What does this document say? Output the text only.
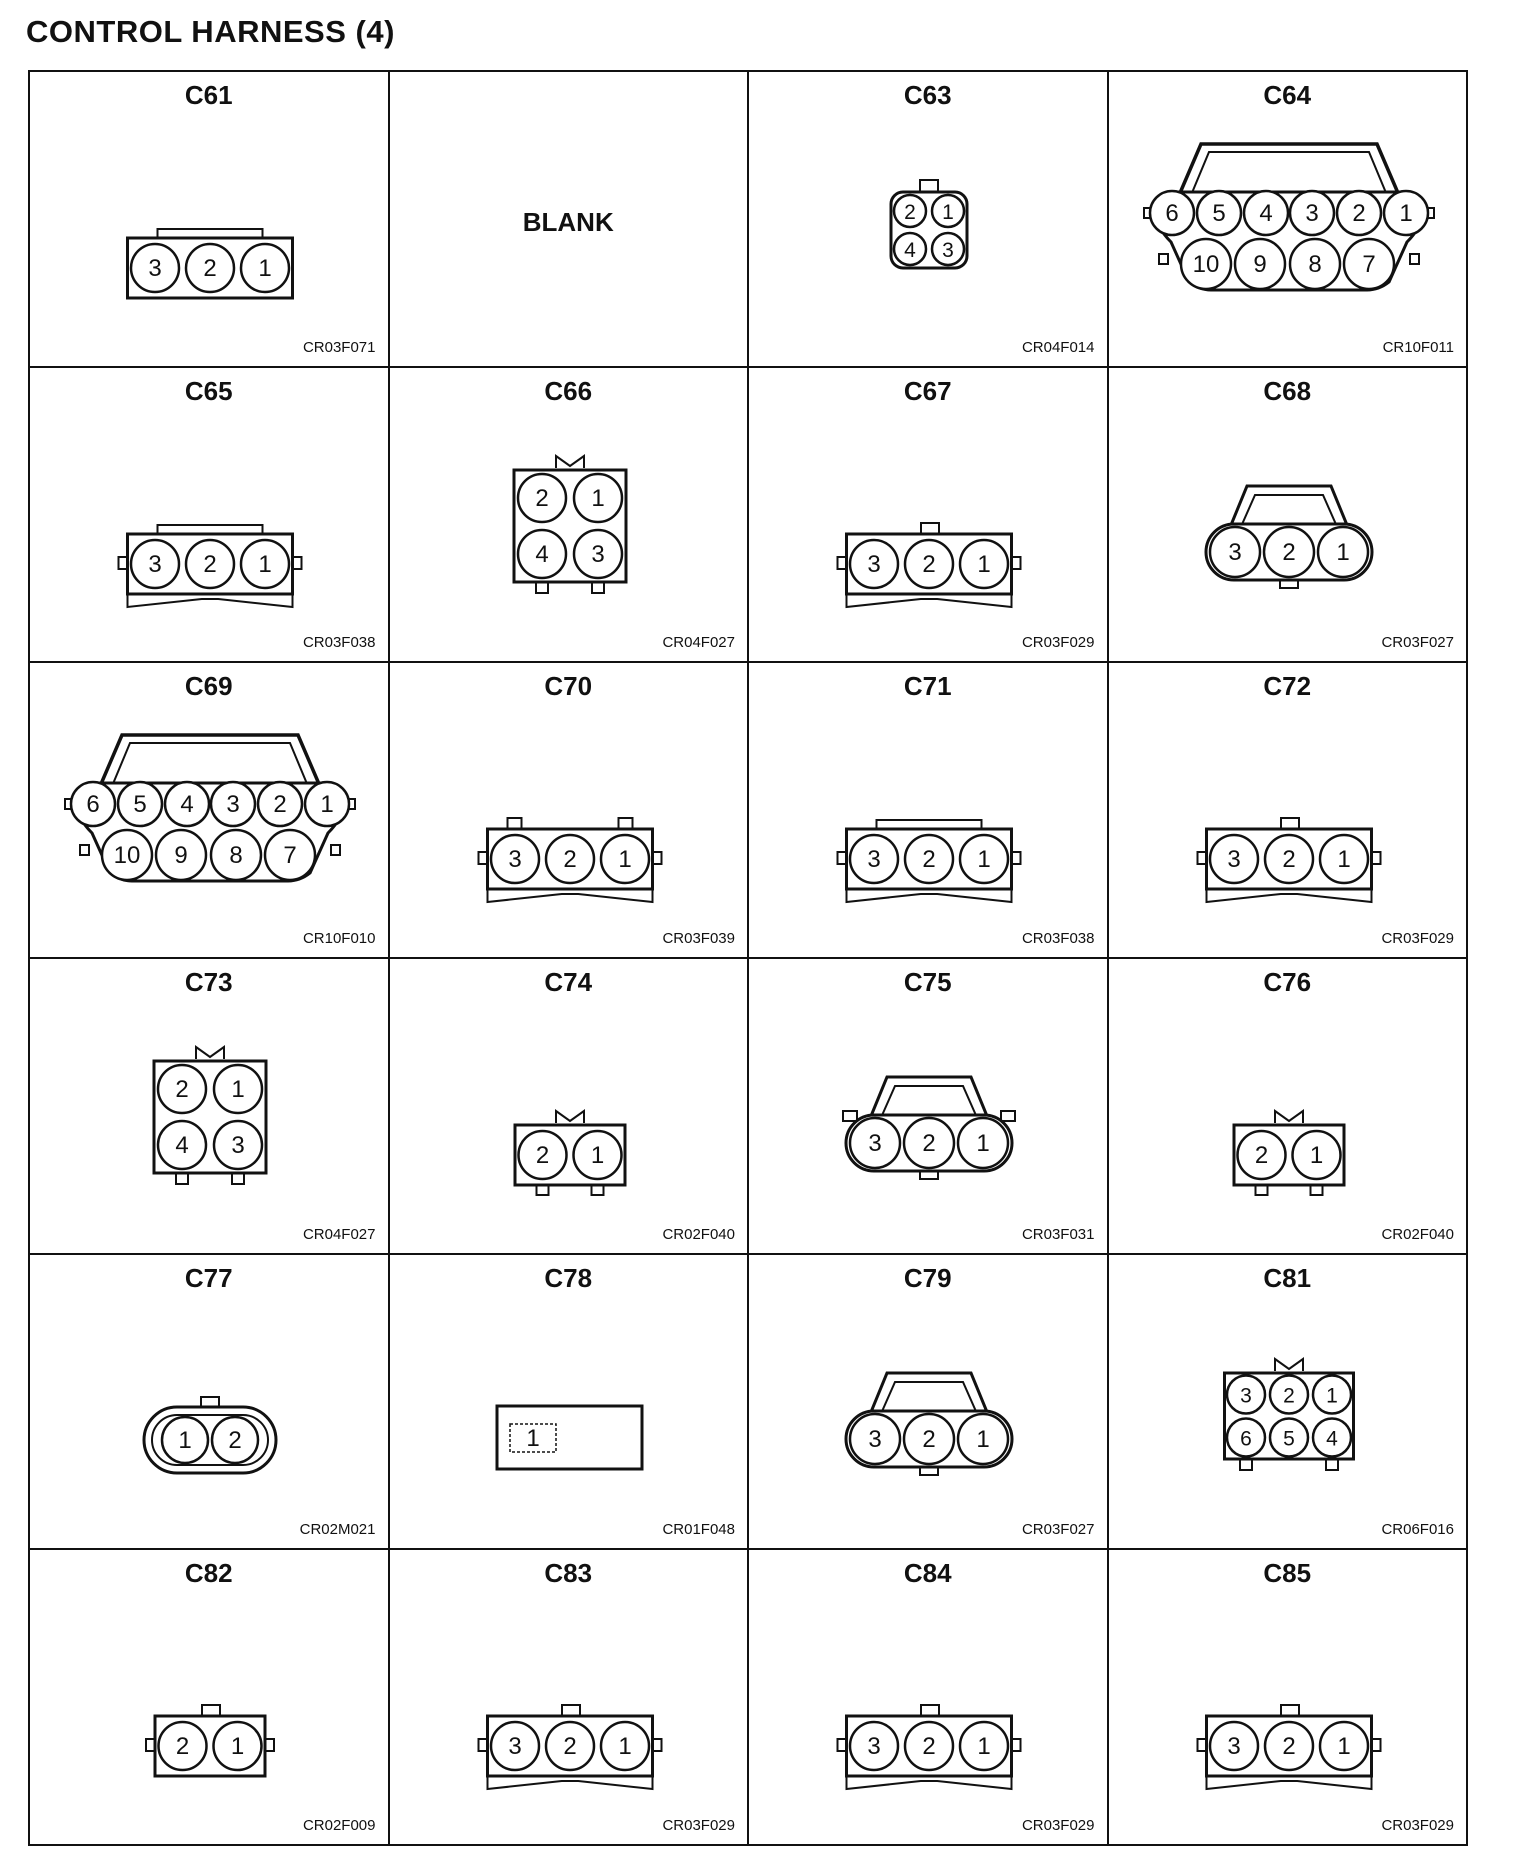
CONTROL HARNESS (4)
C61
3 2 1
CR03F071
BLANK
C63
2 1
4 3
CR04F014
C64
6 5 4 3 2 1
10 9 8 7
CR10F011
C65
3 2 1
CR03F038
C66
2 1
4 3
CR04F027
C67
3 2 1
CR03F029
C68
3 2 1
CR03F027
C69
6 5 4 3 2 1
10 9 8 7
CR10F010
C70
3 2 1
CR03F039
C71
3 2 1
CR03F038
C72
3 2 1
CR03F029
C73
2 1
4 3
CR04F027
C74
2 1
CR02F040
C75
3 2 1
CR03F031
C76
2 1
CR02F040
C77
1 2
CR02M021
C78
1
CR01F048
C79
3 2 1
CR03F027
C81
3 2 1
6 5 4
CR06F016
C82
2 1
CR02F009
C83
3 2 1
CR03F029
C84
3 2 1
CR03F029
C85
3 2 1
CR03F029
